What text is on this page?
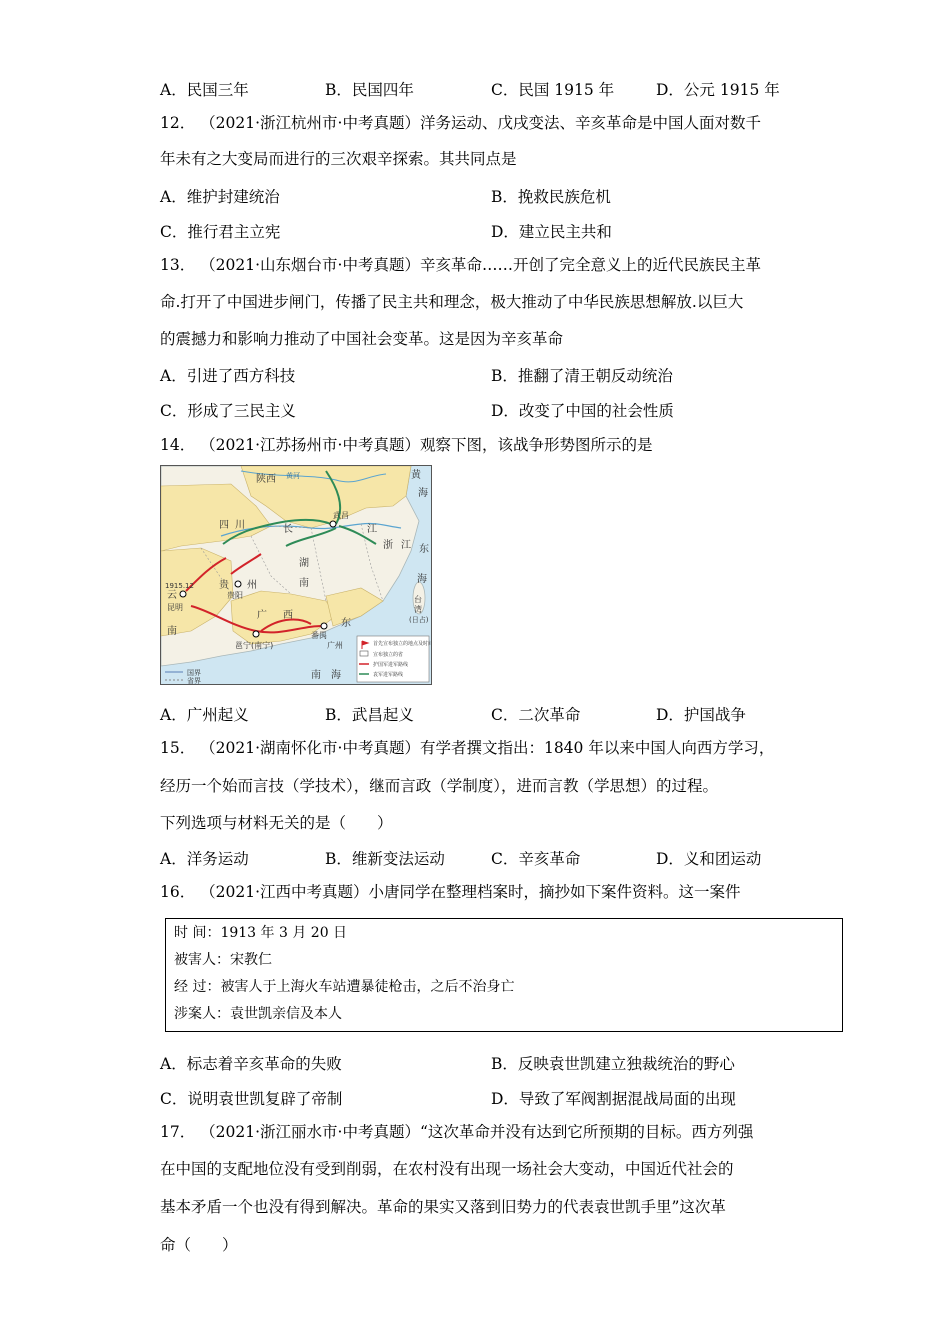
A．民国三年	B．民国四年	C．民国 1915 年	D．公元 1915 年
12． （2021·浙江杭州市·中考真题）洋务运动、戊戌变法、辛亥革命是中国人面对数千
年未有之大变局而进行的三次艰辛探索。其共同点是
A．维护封建统治	B．挽救民族危机
C．推行君主立宪	D．建立民主共和
13． （2021·山东烟台市·中考真题）辛亥革命……开创了完全意义上的近代民族民主革
命.打开了中国进步闸门，传播了民主共和理念，极大推动了中华民族思想解放.以巨大
的震撼力和影响力推动了中国社会变革。这是因为辛亥革命
A．引进了西方科技	B．推翻了清王朝反动统治
C．形成了三民主义	D．改变了中国的社会性质
14． （2021·江苏扬州市·中考真题）观察下图，该战争形势图所示的是
陕西
四 川	长	江
武昌
湖
南
浙 江
黄
海
东
海
台
湾
(日占)
贵 州
贵阳
云
南
昆明
广 西
邕宁(南宁)
番禺
东
广州
南 海
黄河
1915.12
国界
省界
首先宣布独立的地点及时间
宣布独立的省
护国军进军路线
袁军进军路线
A．广州起义	B．武昌起义	C．二次革命	D．护国战争
15． （2021·湖南怀化市·中考真题）有学者撰文指出：1840 年以来中国人向西方学习，
经历一个始而言技（学技术），继而言政（学制度），进而言教（学思想）的过程。
下列选项与材料无关的是（　　）
A．洋务运动	B．维新变法运动	C．辛亥革命	D．义和团运动
16． （2021·江西中考真题）小唐同学在整理档案时，摘抄如下案件资料。这一案件
时 间：1913 年 3 月 20 日
被害人：宋教仁
经 过：被害人于上海火车站遭暴徒枪击，之后不治身亡
涉案人：袁世凯亲信及本人
A．标志着辛亥革命的失败	B．反映袁世凯建立独裁统治的野心
C．说明袁世凯复辟了帝制	D．导致了军阀割据混战局面的出现
17． （2021·浙江丽水市·中考真题）“这次革命并没有达到它所预期的目标。西方列强
在中国的支配地位没有受到削弱，在农村没有出现一场社会大变动，中国近代社会的
基本矛盾一个也没有得到解决。革命的果实又落到旧势力的代表袁世凯手里”这次革
命（　　）
